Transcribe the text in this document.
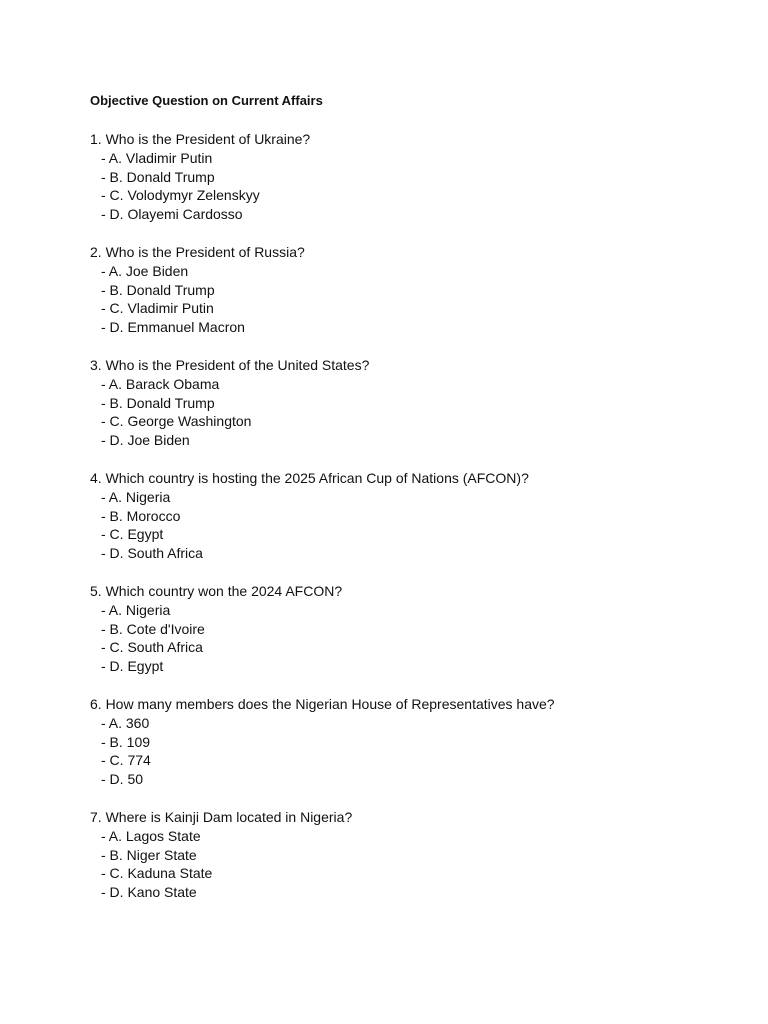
Objective Question on Current Affairs

1. Who is the President of Ukraine?

- A. Vladimir Putin

- B. Donald Trump

- C. Volodymyr Zelenskyy

- D. Olayemi Cardosso

2. Who is the President of Russia?

- A. Joe Biden

- B. Donald Trump

- C. Vladimir Putin

- D. Emmanuel Macron

3. Who is the President of the United States?

- A. Barack Obama

- B. Donald Trump

- C. George Washington

- D. Joe Biden

4. Which country is hosting the 2025 African Cup of Nations (AFCON)?

- A. Nigeria

- B. Morocco

- C. Egypt

- D. South Africa

5. Which country won the 2024 AFCON?

- A. Nigeria

- B. Cote d'Ivoire

- C. South Africa

- D. Egypt

6. How many members does the Nigerian House of Representatives have?

- A. 360

- B. 109

- C. 774

- D. 50

7. Where is Kainji Dam located in Nigeria?

- A. Lagos State

- B. Niger State

- C. Kaduna State

- D. Kano State
